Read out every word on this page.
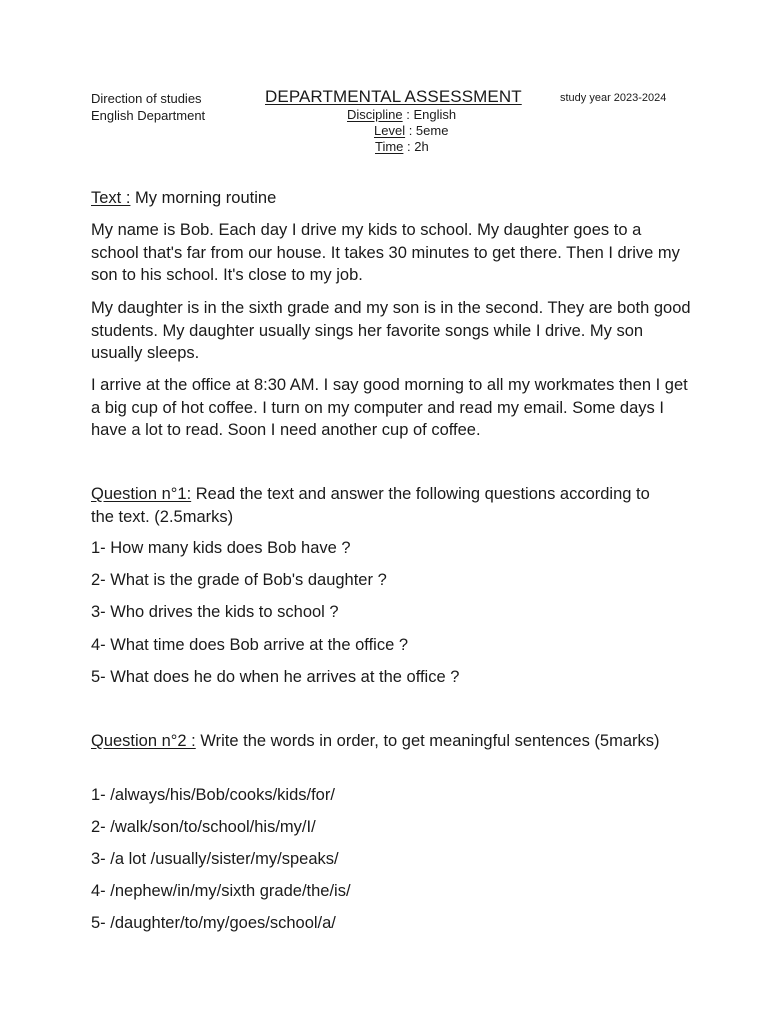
Direction of studies
English Department
DEPARTMENTAL ASSESSMENT
Discipline : English
Level : 5eme
Time : 2h
study year 2023-2024
Text : My morning routine

My name is Bob. Each day I drive my kids to school. My daughter goes to a school that's far from our house. It takes 30 minutes to get there. Then I drive my son to his school. It's close to my job.

My daughter is in the sixth grade and my son is in the second. They are both good students. My daughter usually sings her favorite songs while I drive. My son usually sleeps.

I arrive at the office at 8:30 AM. I say good morning to all my workmates then I get a big cup of hot coffee. I turn on my computer and read my email. Some days I have a lot to read. Soon I need another cup of coffee.

Question n°1: Read the text and answer the following questions according to the text. (2.5marks)
1- How many kids does Bob have ?
2- What is the grade of Bob's daughter ?
3- Who drives the kids to school ?
4- What time does Bob arrive at the office ?
5- What does he do when he arrives at the office ?
Question n°2 : Write the words in order, to get meaningful sentences (5marks)
1- /always/his/Bob/cooks/kids/for/
2- /walk/son/to/school/his/my/I/
3- /a lot /usually/sister/my/speaks/
4- /nephew/in/my/sixth grade/the/is/
5- /daughter/to/my/goes/school/a/
